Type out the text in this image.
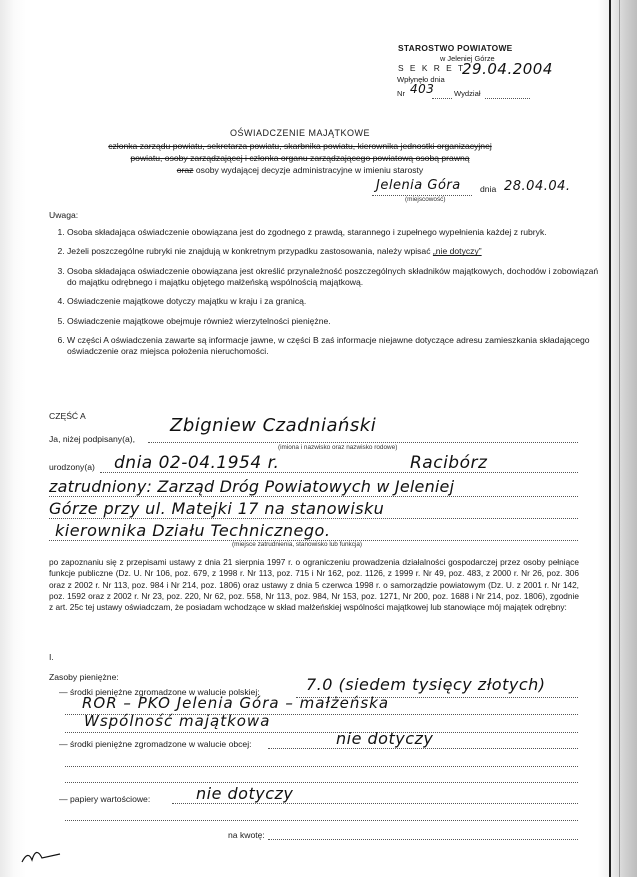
STAROSTWO POWIATOWE
w Jeleniej Górze
S E K R E T
Wpłynęło dnia
29.04.2004
Nr 403	Wydział
OŚWIADCZENIE MAJĄTKOWE
członka zarządu powiatu, sekretarza powiatu, skarbnika powiatu, kierownika jednostki organizacyjnej
powiatu, osoby zarządzającej i członka organu zarządzającego powiatową osobą prawną
oraz osoby wydającej decyzje administracyjne w imieniu starosty
Jelenia Góra dnia 28.04.04.
(miejscowość)
Uwaga:
1. Osoba składająca oświadczenie obowiązana jest do zgodnego z prawdą, starannego i zupełnego wypełnienia każdej z rubryk.
2. Jeżeli poszczególne rubryki nie znajdują w konkretnym przypadku zastosowania, należy wpisać „nie dotyczy”
3. Osoba składająca oświadczenie obowiązana jest określić przynależność poszczególnych składników majątkowych, dochodów i zobowiązań do majątku odrębnego i majątku objętego małżeńską wspólnością majątkową.
4. Oświadczenie majątkowe dotyczy majątku w kraju i za granicą.
5. Oświadczenie majątkowe obejmuje również wierzytelności pieniężne.
6. W części A oświadczenia zawarte są informacje jawne, w części B zaś informacje niejawne dotyczące adresu zamieszkania składającego oświadczenie oraz miejsca położenia nieruchomości.
CZĘŚĆ A
Ja, niżej podpisany(a),
Zbigniew Czadniański
(imiona i nazwisko oraz nazwisko rodowe)
urodzony(a) dnia 02-04.1954 r.	Racibórz
zatrudniony: Zarząd Dróg Powiatowych w Jeleniej
Górze przy ul. Matejki 17 na stanowisku
kierownika Działu Technicznego.
(miejsce zatrudnienia, stanowisko lub funkcja)
po zapoznaniu się z przepisami ustawy z dnia 21 sierpnia 1997 r. o ograniczeniu prowadzenia działalności gospodarczej przez osoby pełniące funkcje publiczne (Dz. U. Nr 106, poz. 679, z 1998 r. Nr 113, poz. 715 i Nr 162, poz. 1126, z 1999 r. Nr 49, poz. 483, z 2000 r. Nr 26, poz. 306 oraz z 2002 r. Nr 113, poz. 984 i Nr 214, poz. 1806) oraz ustawy z dnia 5 czerwca 1998 r. o samorządzie powiatowym (Dz. U. z 2001 r. Nr 142, poz. 1592 oraz z 2002 r. Nr 23, poz. 220, Nr 62, poz. 558, Nr 113, poz. 984, Nr 153, poz. 1271, Nr 200, poz. 1688 i Nr 214, poz. 1806), zgodnie z art. 25c tej ustawy oświadczam, że posiadam wchodzące w skład małżeńskiej wspólności majątkowej lub stanowiące mój majątek odrębny:
I.
Zasoby pieniężne:
— środki pieniężne zgromadzone w walucie polskiej:	7.0 (siedem tysięcy złotych)
ROR – PKO Jelenia Góra – małżeńska
Wspólność majątkowa
— środki pieniężne zgromadzone w walucie obcej:	nie dotyczy
— papiery wartościowe:	nie dotyczy
na kwotę:
